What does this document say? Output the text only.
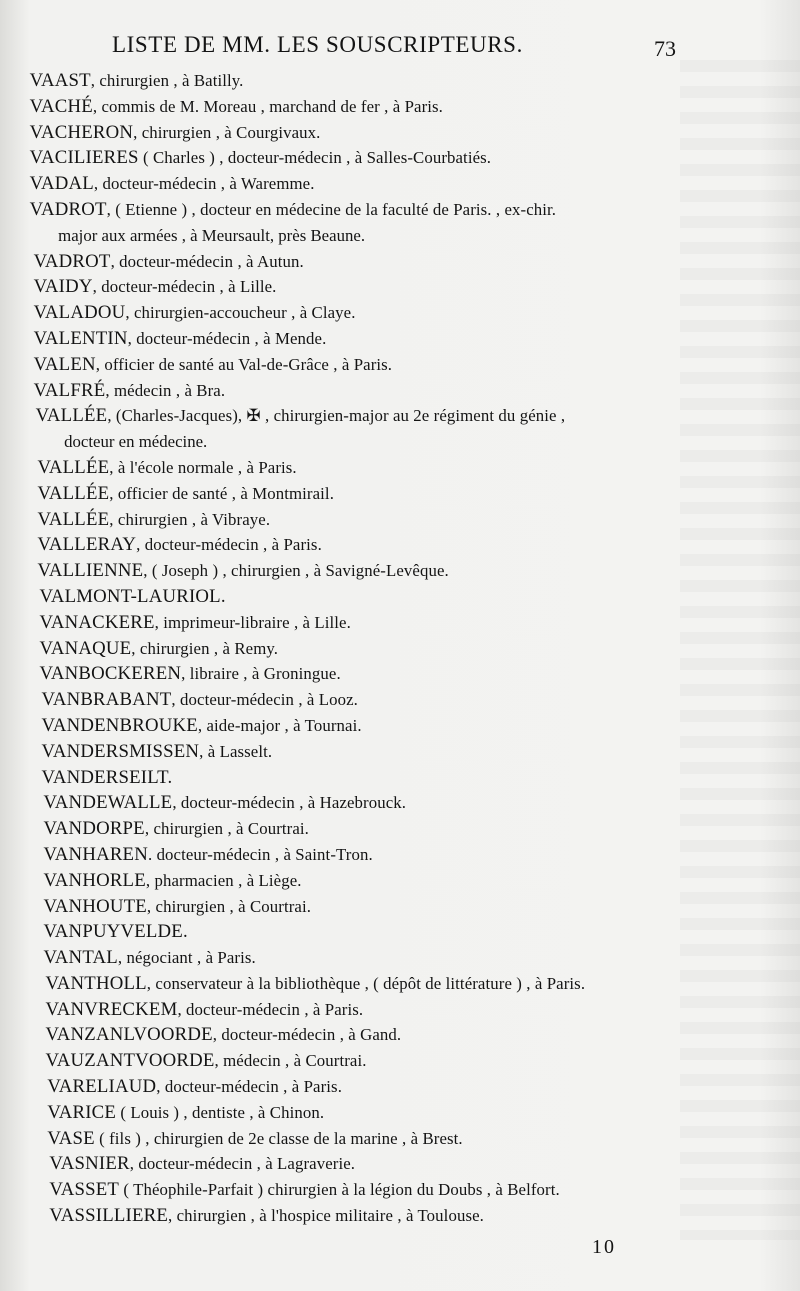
LISTE DE MM. LES SOUSCRIPTEURS.	73
VAAST, chirurgien , à Batilly.
VACHÉ, commis de M. Moreau , marchand de fer , à Paris.
VACHERON, chirurgien , à Courgivaux.
VACILIERES ( Charles ) , docteur-médecin , à Salles-Courbatiés.
VADAL, docteur-médecin , à Waremme.
VADROT, ( Etienne ) , docteur en médecine de la faculté de Paris. , ex-chir.
major aux armées , à Meursault, près Beaune.
VADROT, docteur-médecin , à Autun.
VAIDY, docteur-médecin , à Lille.
VALADOU, chirurgien-accoucheur , à Claye.
VALENTIN, docteur-médecin , à Mende.
VALEN, officier de santé au Val-de-Grâce , à Paris.
VALFRÉ, médecin , à Bra.
VALLÉE, (Charles-Jacques), ✠ , chirurgien-major au 2e régiment du génie ,
docteur en médecine.
VALLÉE, à l'école normale , à Paris.
VALLÉE, officier de santé , à Montmirail.
VALLÉE, chirurgien , à Vibraye.
VALLERAY, docteur-médecin , à Paris.
VALLIENNE, ( Joseph ) , chirurgien , à Savigné-Levêque.
VALMONT-LAURIOL.
VANACKERE, imprimeur-libraire , à Lille.
VANAQUE, chirurgien , à Remy.
VANBOCKEREN, libraire , à Groningue.
VANBRABANT, docteur-médecin , à Looz.
VANDENBROUKE, aide-major , à Tournai.
VANDERSMISSEN, à Lasselt.
VANDERSEILT.
VANDEWALLE, docteur-médecin , à Hazebrouck.
VANDORPE, chirurgien , à Courtrai.
VANHAREN. docteur-médecin , à Saint-Tron.
VANHORLE, pharmacien , à Liège.
VANHOUTE, chirurgien , à Courtrai.
VANPUYVELDE.
VANTAL, négociant , à Paris.
VANTHOLL, conservateur à la bibliothèque , ( dépôt de littérature ) , à Paris.
VANVRECKEM, docteur-médecin , à Paris.
VANZANLVOORDE, docteur-médecin , à Gand.
VAUZANTVOORDE, médecin , à Courtrai.
VARELIAUD, docteur-médecin , à Paris.
VARICE ( Louis ) , dentiste , à Chinon.
VASE ( fils ) , chirurgien de 2e classe de la marine , à Brest.
VASNIER, docteur-médecin , à Lagraverie.
VASSET ( Théophile-Parfait ) chirurgien à la légion du Doubs , à Belfort.
VASSILLIERE, chirurgien , à l'hospice militaire , à Toulouse.
10
